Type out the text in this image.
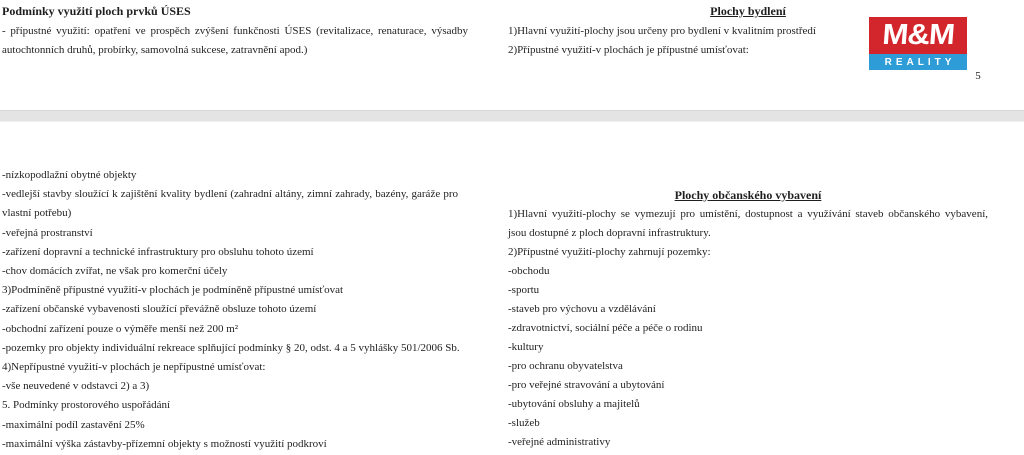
Podmínky využití ploch prvků ÚSES
- přípustné využití: opatření ve prospěch zvýšení funkčnosti ÚSES (revitalizace, renaturace, výsadby
autochtonních druhů, probírky, samovolná sukcese, zatravnění apod.)
Plochy bydlení
1)Hlavní využití-plochy jsou určeny pro bydlení v kvalitním prostředí
2)Přípustné využití-v plochách je přípustné umísťovat:	M&M
REALITY
5
-nízkopodlažní obytné objekty
-vedlejší stavby sloužící k zajištění kvality bydlení (zahradní altány, zimní zahrady, bazény, garáže pro
vlastní potřebu)
-veřejná prostranství
-zařízení dopravní a technické infrastruktury pro obsluhu tohoto území
-chov domácích zvířat, ne však pro komerční účely
3)Podmíněně přípustné využití-v plochách je podmíněně přípustné umísťovat
-zařízení občanské vybavenosti sloužící převážně obsluze tohoto území
-obchodní zařízení pouze o výměře menší než 200 m²
-pozemky pro objekty individuální rekreace splňující podmínky § 20, odst. 4 a 5 vyhlášky 501/2006 Sb.
4)Nepřípustné využití-v plochách je nepřípustné umísťovat:
-vše neuvedené v odstavci 2) a 3)
5. Podmínky prostorového uspořádání
-maximální podíl zastavění 25%
-maximální výška zástavby-přízemní objekty s možností využití podkroví
Plochy občanského vybavení
1)Hlavní využití-plochy se vymezují pro umístění, dostupnost a využívání staveb občanského vybavení,
jsou dostupné z ploch dopravní infrastruktury.
2)Přípustné využití-plochy zahrnují pozemky:
-obchodu
-sportu
-staveb pro výchovu a vzdělávání
-zdravotnictví, sociální péče a péče o rodinu
-kultury
-pro ochranu obyvatelstva
-pro veřejné stravování a ubytování
-ubytování obsluhy a majitelů
-služeb
-veřejné administrativy
